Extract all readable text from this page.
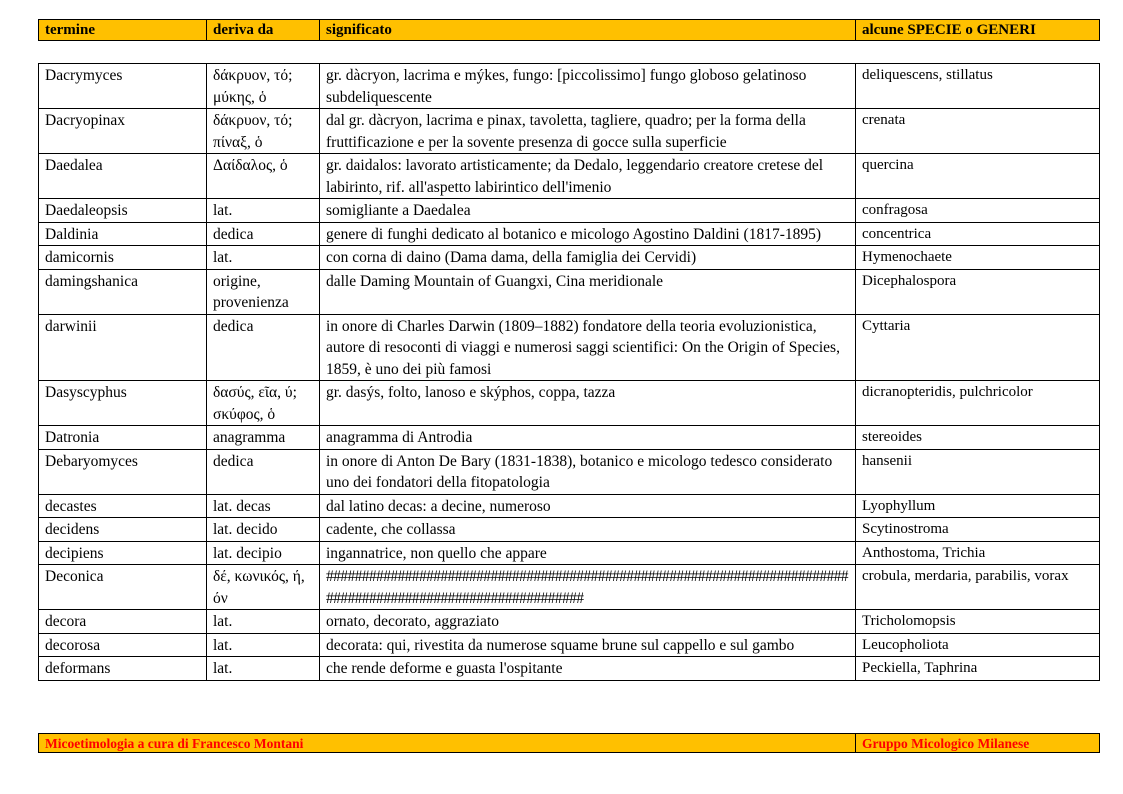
termine	deriva da	significato	alcune SPECIE o GENERI
Dacrymyces	δάκρυον, τό; μύκης, ὁ	gr. dàcryon, lacrima e mýkes, fungo: [piccolissimo] fungo globoso gelatinoso subdeliquescente	deliquescens, stillatus
Dacryopinax	δάκρυον, τό; πίναξ, ὁ	dal gr. dàcryon, lacrima e pinax, tavoletta, tagliere, quadro; per la forma della fruttificazione e per la sovente presenza di gocce sulla superficie	crenata
Daedalea	Δαίδαλος, ὁ	gr. daidalos: lavorato artisticamente; da Dedalo, leggendario creatore cretese del labirinto, rif. all'aspetto labirintico dell'imenio	quercina
Daedaleopsis	lat.	somigliante a Daedalea	confragosa
Daldinia	dedica	genere di funghi dedicato al botanico e micologo Agostino Daldini (1817-1895)	concentrica
damicornis	lat.	con corna di daino (Dama dama, della famiglia dei Cervidi)	Hymenochaete
damingshanica	origine, provenienza	dalle Daming Mountain of Guangxi, Cina meridionale	Dicephalospora
darwinii	dedica	in onore di Charles Darwin (1809–1882) fondatore della teoria evoluzionistica, autore di resoconti di viaggi e numerosi saggi scientifici: On the Origin of Species, 1859, è uno dei più famosi	Cyttaria
Dasyscyphus	δασύς, εῖα, ύ; σκύφος, ὁ	gr. dasýs, folto, lanoso e skýphos, coppa, tazza	dicranopteridis, pulchricolor
Datronia	anagramma	anagramma di Antrodia	stereoides
Debaryomyces	dedica	in onore di Anton De Bary (1831-1838), botanico e micologo tedesco considerato uno dei fondatori della fitopatologia	hansenii
decastes	lat. decas	dal latino decas: a decine, numeroso	Lyophyllum
decidens	lat. decido	cadente, che collassa	Scytinostroma
decipiens	lat. decipio	ingannatrice, non quello che appare	Anthostoma, Trichia
Deconica	δέ, κωνικός, ή, όν	#############################################################################################################	crobula, merdaria, parabilis, vorax
decora	lat.	ornato, decorato, aggraziato	Tricholomopsis
decorosa	lat.	decorata: qui, rivestita da numerose squame brune sul cappello e sul gambo	Leucopholiota
deformans	lat.	che rende deforme e guasta l'ospitante	Peckiella, Taphrina
Micoetimologia a cura di Francesco Montani	Gruppo Micologico Milanese
